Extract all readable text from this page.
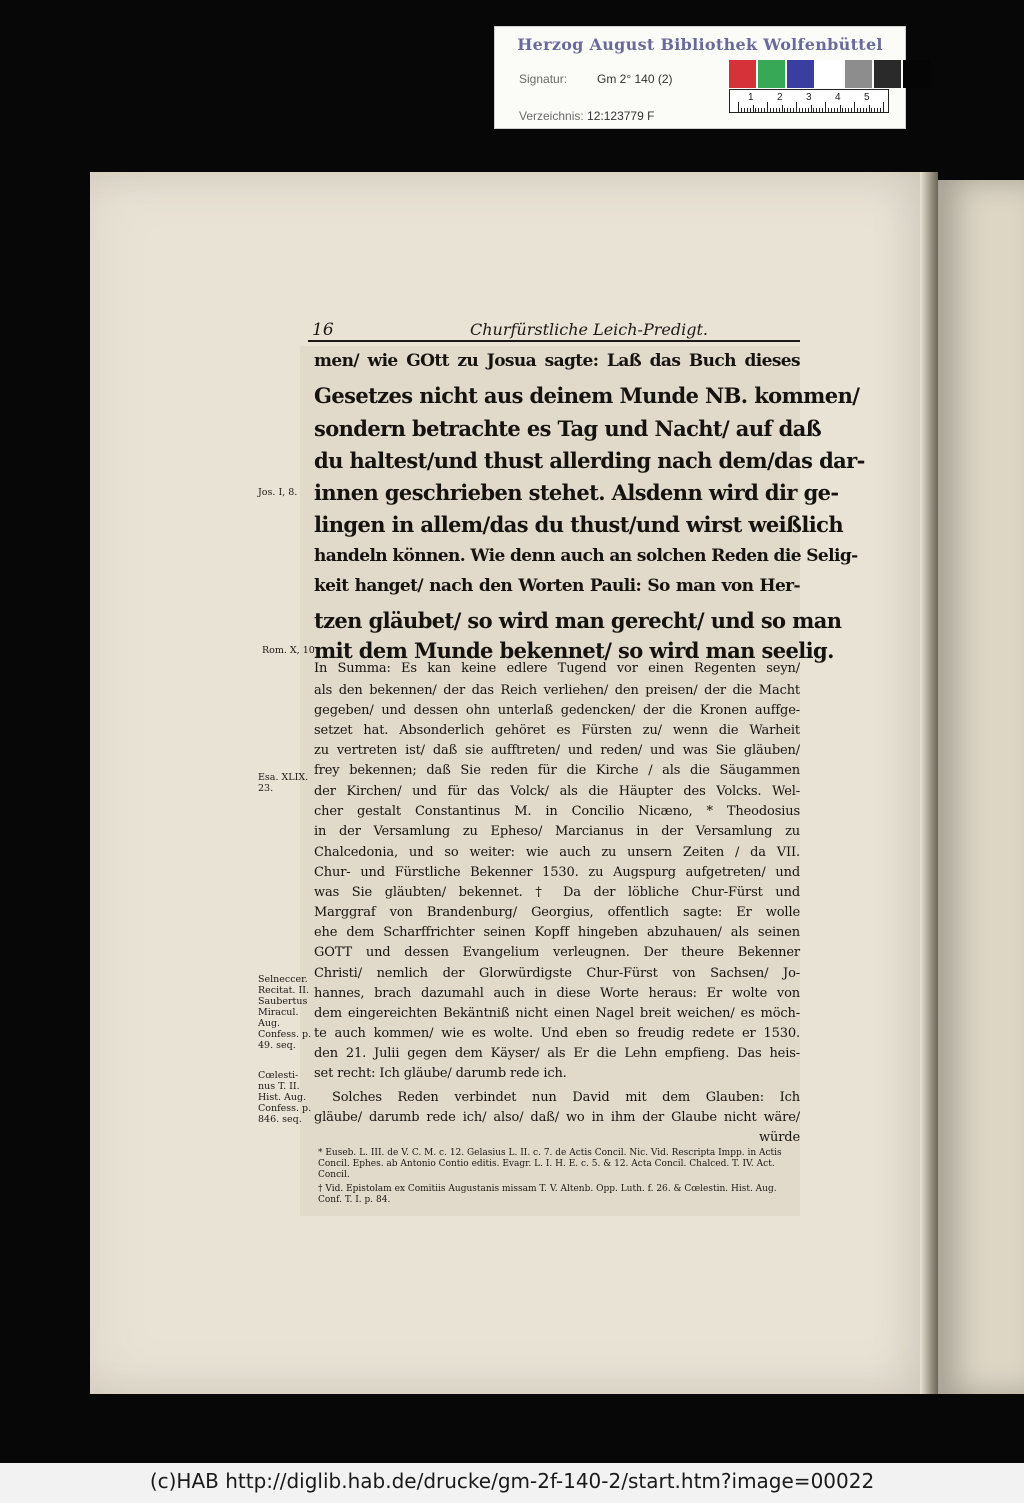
Herzog August Bibliothek Wolfenbüttel
Signatur: Gm 2° 140 (2)
Verzeichnis: 12:123779 F
1 2 3 4 5
16	Churfürstliche Leich-Predigt.
men/ wie GOtt zu Josua sagte: Laß das Buch dieses
Gesetzes nicht aus deinem Munde NB. kommen/
sondern betrachte es Tag und Nacht/ auf daß
du haltest/und thust allerding nach dem/das dar-
innen geschrieben stehet. Alsdenn wird dir ge-
lingen in allem/das du thust/und wirst weißlich
handeln können. Wie denn auch an solchen Reden die Selig-
keit hanget/ nach den Worten Pauli: So man von Her-
tzen gläubet/ so wird man gerecht/ und so man
mit dem Munde bekennet/ so wird man seelig.
In Summa: Es kan keine edlere Tugend vor einen Regenten seyn/
als den bekennen/ der das Reich verliehen/ den preisen/ der die Macht
gegeben/ und dessen ohn unterlaß gedencken/ der die Kronen auffge-
setzet hat. Absonderlich gehöret es Fürsten zu/ wenn die Warheit
zu vertreten ist/ daß sie aufftreten/ und reden/ und was Sie gläuben/
frey bekennen; daß Sie reden für die Kirche / als die Säugammen
der Kirchen/ und für das Volck/ als die Häupter des Volcks. Wel-
cher gestalt Constantinus M. in Concilio Nicæno, * Theodosius
in der Versamlung zu Epheso/ Marcianus in der Versamlung zu
Chalcedonia, und so weiter: wie auch zu unsern Zeiten / da VII.
Chur- und Fürstliche Bekenner 1530. zu Augspurg aufgetreten/ und
was Sie gläubten/ bekennet. † Da der löbliche Chur-Fürst und
Marggraf von Brandenburg/ Georgius, offentlich sagte: Er wolle
ehe dem Scharffrichter seinen Kopff hingeben abzuhauen/ als seinen
GOTT und dessen Evangelium verleugnen. Der theure Bekenner
Christi/ nemlich der Glorwürdigste Chur-Fürst von Sachsen/ Jo-
hannes, brach dazumahl auch in diese Worte heraus: Er wolte von
dem eingereichten Bekäntniß nicht einen Nagel breit weichen/ es möch-
te auch kommen/ wie es wolte. Und eben so freudig redete er 1530.
den 21. Julii gegen dem Käyser/ als Er die Lehn empfieng. Das heis-
set recht: Ich gläube/ darumb rede ich.
Solches Reden verbindet nun David mit dem Glauben: Ich
gläube/ darumb rede ich/ also/ daß/ wo in ihm der Glaube nicht wäre/
würde
Jos. I, 8.
Rom. X, 10
Esa. XLIX. 23.
Selneccer. Recitat. II. Saubertus Miracul. Aug. Confess. p. 49. seq.
Cœlesti-nus T. II. Hist. Aug. Confess. p. 846. seq.
* Euseb. L. III. de V. C. M. c. 12. Gelasius L. II. c. 7. de Actis Concil. Nic. Vid. Rescripta Impp. in Actis Concil. Ephes. ab Antonio Contio editis. Evagr. L. I. H. E. c. 5. & 12. Acta Concil. Chalced. T. IV. Act. Concil.
† Vid. Epistolam ex Comitiis Augustanis missam T. V. Altenb. Opp. Luth. f. 26. & Cœlestin. Hist. Aug. Conf. T. I. p. 84.
(c)HAB http://diglib.hab.de/drucke/gm-2f-140-2/start.htm?image=00022
